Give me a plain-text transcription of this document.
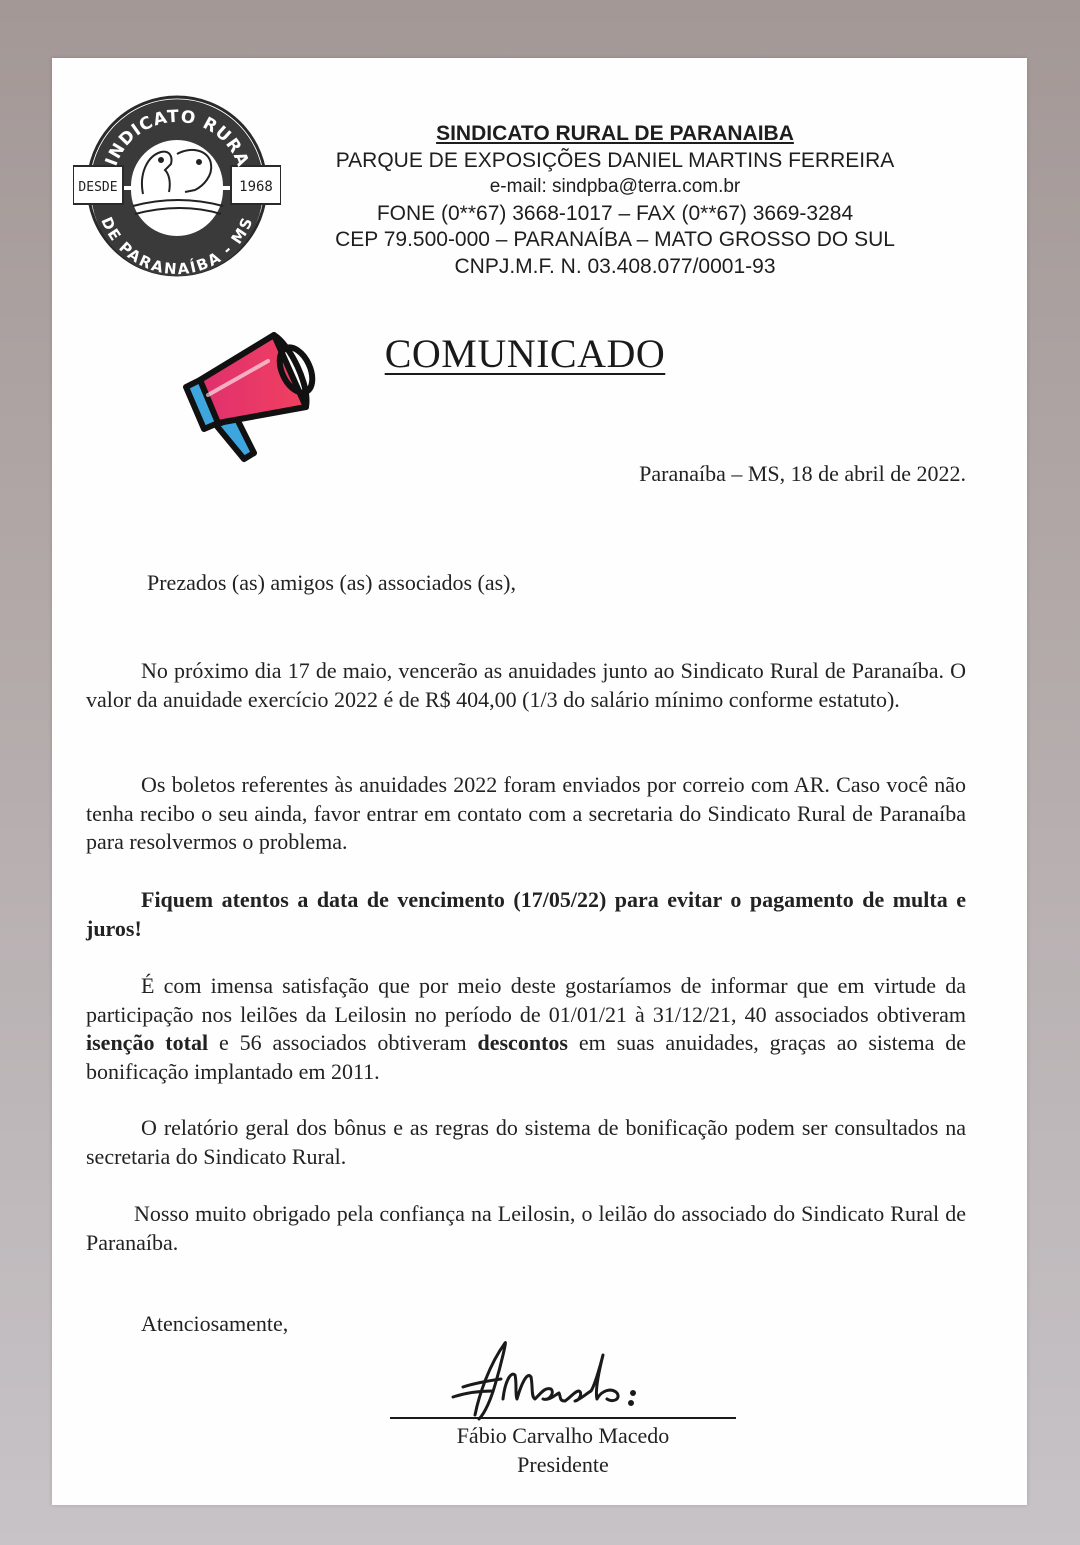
SINDICATO RURAL
DE PARANAÍBA - MS
DESDE	1968
SINDICATO RURAL DE PARANAIBA
PARQUE DE EXPOSIÇÕES DANIEL MARTINS FERREIRA
e-mail: sindpba@terra.com.br
FONE (0**67) 3668-1017 – FAX (0**67) 3669-3284
CEP 79.500-000 – PARANAÍBA – MATO GROSSO DO SUL
CNPJ.M.F. N. 03.408.077/0001-93
COMUNICADO
Paranaíba – MS, 18 de abril de 2022.
Prezados (as) amigos (as) associados (as),
No próximo dia 17 de maio, vencerão as anuidades junto ao Sindicato Rural de Paranaíba. O valor da anuidade exercício 2022 é de R$ 404,00 (1/3 do salário mínimo conforme estatuto).
Os boletos referentes às anuidades 2022 foram enviados por correio com AR. Caso você não tenha recibo o seu ainda, favor entrar em contato com a secretaria do Sindicato Rural de Paranaíba para resolvermos o problema.
Fiquem atentos a data de vencimento (17/05/22) para evitar o pagamento de multa e juros!
É com imensa satisfação que por meio deste gostaríamos de informar que em virtude da participação nos leilões da Leilosin no período de 01/01/21 à 31/12/21, 40 associados obtiveram isenção total e 56 associados obtiveram descontos em suas anuidades, graças ao sistema de bonificação implantado em 2011.
O relatório geral dos bônus e as regras do sistema de bonificação podem ser consultados na secretaria do Sindicato Rural.
Nosso muito obrigado pela confiança na Leilosin, o leilão do associado do Sindicato Rural de Paranaíba.
Atenciosamente,
Fábio Carvalho Macedo
Presidente
